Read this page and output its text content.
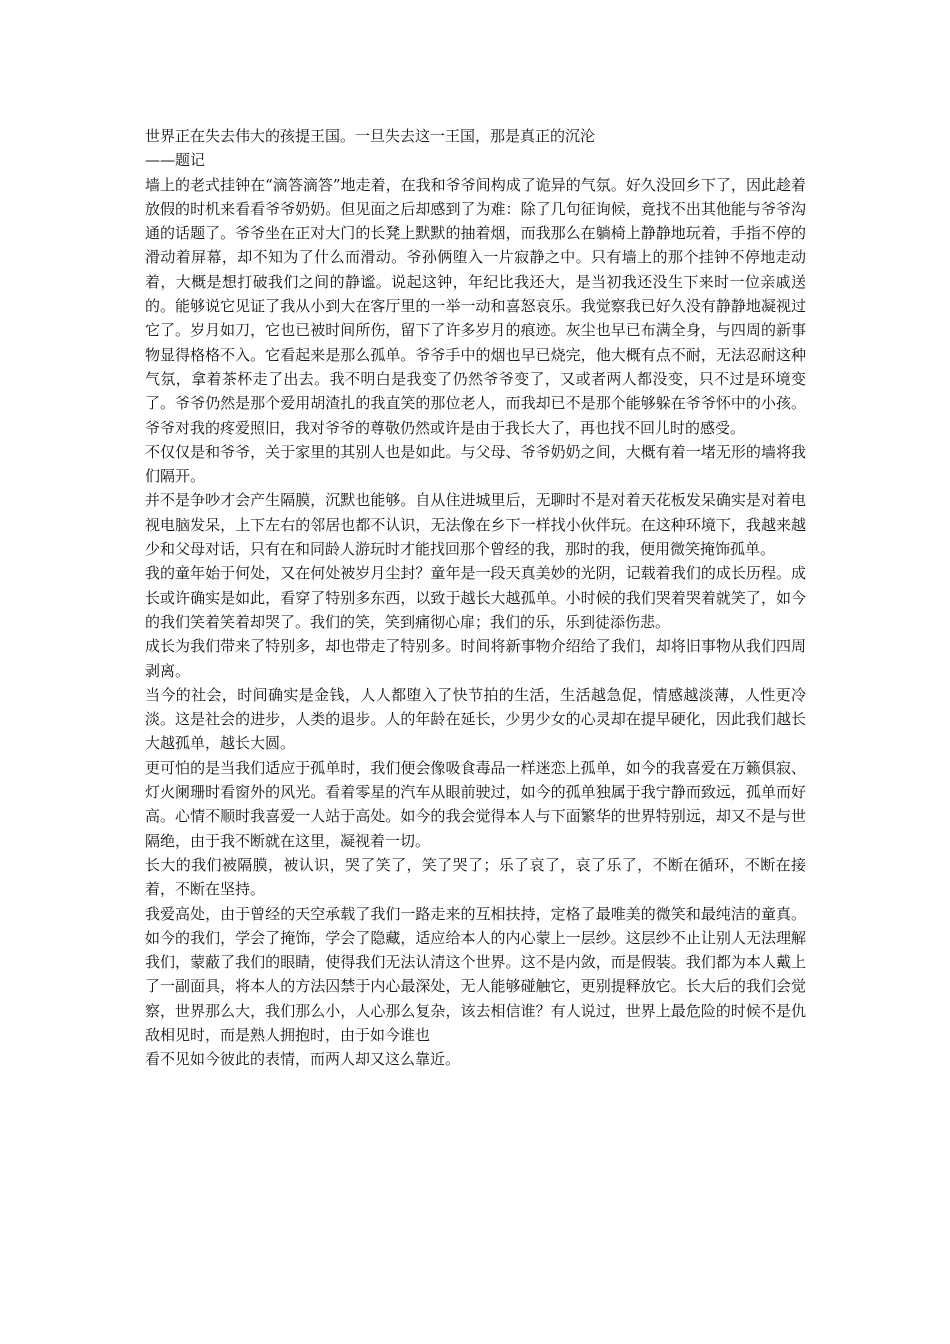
世界正在失去伟大的孩提王国。一旦失去这一王国，那是真正的沉沦

——题记

墙上的老式挂钟在“滴答滴答”地走着，在我和爷爷间构成了诡异的气氛。好久没回乡下了，因此趁着放假的时机来看看爷爷奶奶。但见面之后却感到了为难：除了几句征询候，竟找不出其他能与爷爷沟通的话题了。爷爷坐在正对大门的长凳上默默的抽着烟，而我那么在躺椅上静静地玩着，手指不停的滑动着屏幕，却不知为了什么而滑动。爷孙俩堕入一片寂静之中。只有墙上的那个挂钟不停地走动着，大概是想打破我们之间的静谧。说起这钟，年纪比我还大，是当初我还没生下来时一位亲戚送的。能够说它见证了我从小到大在客厅里的一举一动和喜怒哀乐。我觉察我已好久没有静静地凝视过它了。岁月如刀，它也已被时间所伤，留下了许多岁月的痕迹。灰尘也早已布满全身，与四周的新事物显得格格不入。它看起来是那么孤单。爷爷手中的烟也早已烧完，他大概有点不耐，无法忍耐这种气氛，拿着茶杯走了出去。我不明白是我变了仍然爷爷变了，又或者两人都没变，只不过是环境变了。爷爷仍然是那个爱用胡渣扎的我直笑的那位老人，而我却已不是那个能够躲在爷爷怀中的小孩。爷爷对我的疼爱照旧，我对爷爷的尊敬仍然或许是由于我长大了，再也找不回儿时的感受。

不仅仅是和爷爷，关于家里的其别人也是如此。与父母、爷爷奶奶之间，大概有着一堵无形的墙将我们隔开。

并不是争吵才会产生隔膜，沉默也能够。自从住进城里后，无聊时不是对着天花板发呆确实是对着电视电脑发呆，上下左右的邻居也都不认识，无法像在乡下一样找小伙伴玩。在这种环境下，我越来越少和父母对话，只有在和同龄人游玩时才能找回那个曾经的我，那时的我，便用微笑掩饰孤单。

我的童年始于何处，又在何处被岁月尘封？童年是一段天真美妙的光阴，记载着我们的成长历程。成长或许确实是如此，看穿了特别多东西，以致于越长大越孤单。小时候的我们哭着哭着就笑了，如今的我们笑着笑着却哭了。我们的笑，笑到痛彻心扉；我们的乐，乐到徒添伤悲。

成长为我们带来了特别多，却也带走了特别多。时间将新事物介绍给了我们，却将旧事物从我们四周剥离。

当今的社会，时间确实是金钱，人人都堕入了快节拍的生活，生活越急促，情感越淡薄，人性更冷淡。这是社会的进步，人类的退步。人的年龄在延长，少男少女的心灵却在提早硬化，因此我们越长大越孤单，越长大圆。

更可怕的是当我们适应于孤单时，我们便会像吸食毒品一样迷恋上孤单，如今的我喜爱在万籁俱寂、灯火阑珊时看窗外的风光。看着零星的汽车从眼前驶过，如今的孤单独属于我宁静而致远，孤单而好高。心情不顺时我喜爱一人站于高处。如今的我会觉得本人与下面繁华的世界特别远，却又不是与世隔绝，由于我不断就在这里，凝视着一切。

长大的我们被隔膜，被认识，哭了笑了，笑了哭了；乐了哀了，哀了乐了，不断在循环，不断在接着，不断在坚持。

我爱高处，由于曾经的天空承载了我们一路走来的互相扶持，定格了最唯美的微笑和最纯洁的童真。如今的我们，学会了掩饰，学会了隐藏，适应给本人的内心蒙上一层纱。这层纱不止让别人无法理解我们，蒙蔽了我们的眼睛，使得我们无法认清这个世界。这不是内敛，而是假装。我们都为本人戴上了一副面具，将本人的方法囚禁于内心最深处，无人能够碰触它，更别提释放它。长大后的我们会觉察，世界那么大，我们那么小，人心那么复杂，该去相信谁？有人说过，世界上最危险的时候不是仇敌相见时，而是熟人拥抱时，由于如今谁也

看不见如今彼此的表情，而两人却又这么靠近。
